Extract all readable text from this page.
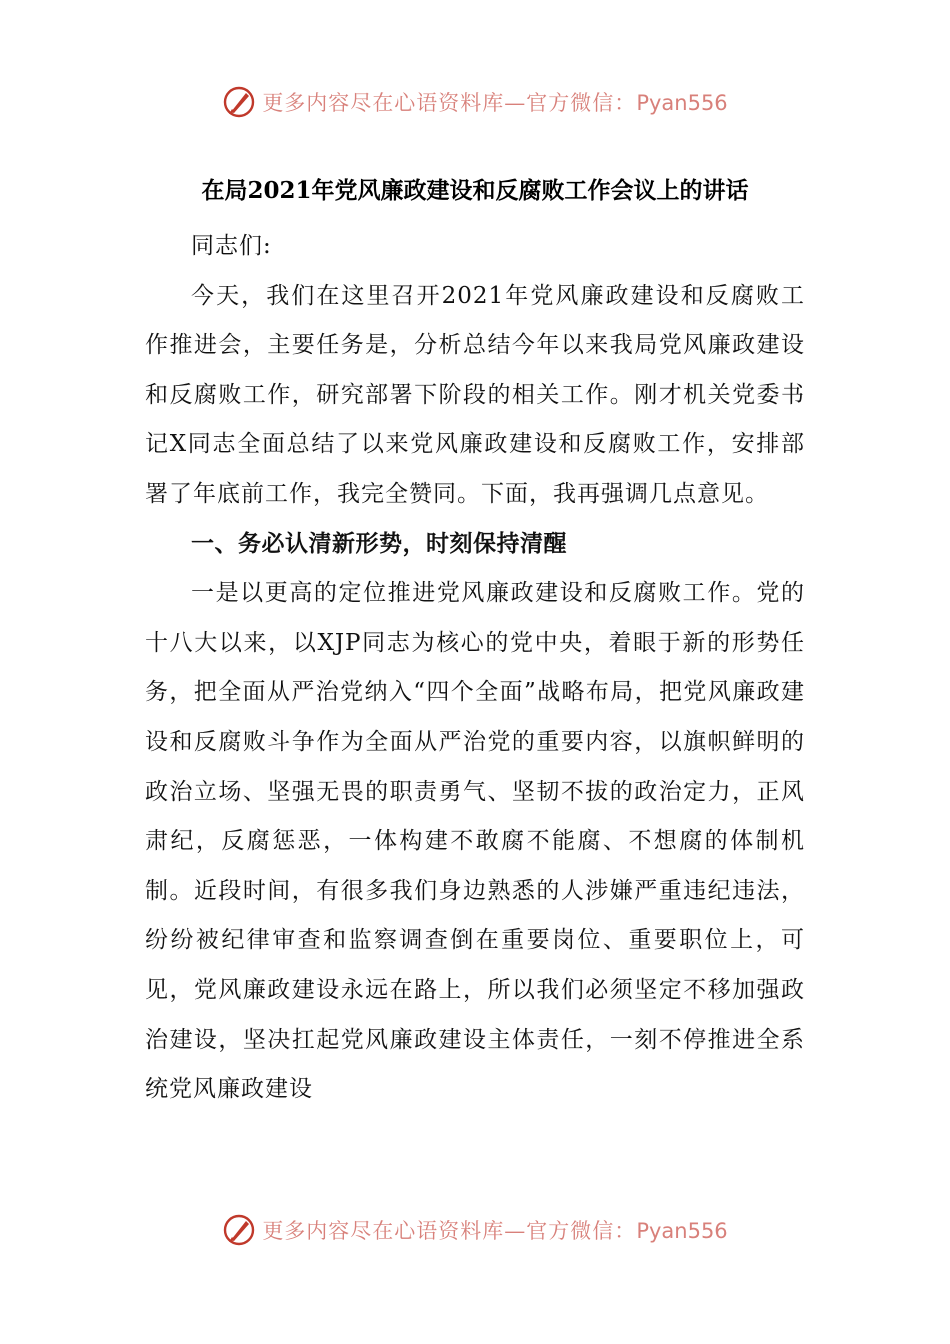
更多内容尽在心语资料库—官方微信：Pyan556
在局2021年党风廉政建设和反腐败工作会议上的讲话

同志们:

今天，我们在这里召开2021年党风廉政建设和反腐败工作推进会，主要任务是，分析总结今年以来我局党风廉政建设和反腐败工作，研究部署下阶段的相关工作。刚才机关党委书记X同志全面总结了以来党风廉政建设和反腐败工作，安排部署了年底前工作，我完全赞同。下面，我再强调几点意见。

一、务必认清新形势，时刻保持清醒

一是以更高的定位推进党风廉政建设和反腐败工作。党的十八大以来，以XJP同志为核心的党中央，着眼于新的形势任务，把全面从严治党纳入“四个全面”战略布局，把党风廉政建设和反腐败斗争作为全面从严治党的重要内容，以旗帜鲜明的政治立场、坚强无畏的职责勇气、坚韧不拔的政治定力，正风肃纪，反腐惩恶，一体构建不敢腐不能腐、不想腐的体制机制。近段时间，有很多我们身边熟悉的人涉嫌严重违纪违法，纷纷被纪律审查和监察调查倒在重要岗位、重要职位上，可见，党风廉政建设永远在路上，所以我们必须坚定不移加强政治建设，坚决扛起党风廉政建设主体责任，一刻不停推进全系统党风廉政建设

更多内容尽在心语资料库—官方微信：Pyan556
